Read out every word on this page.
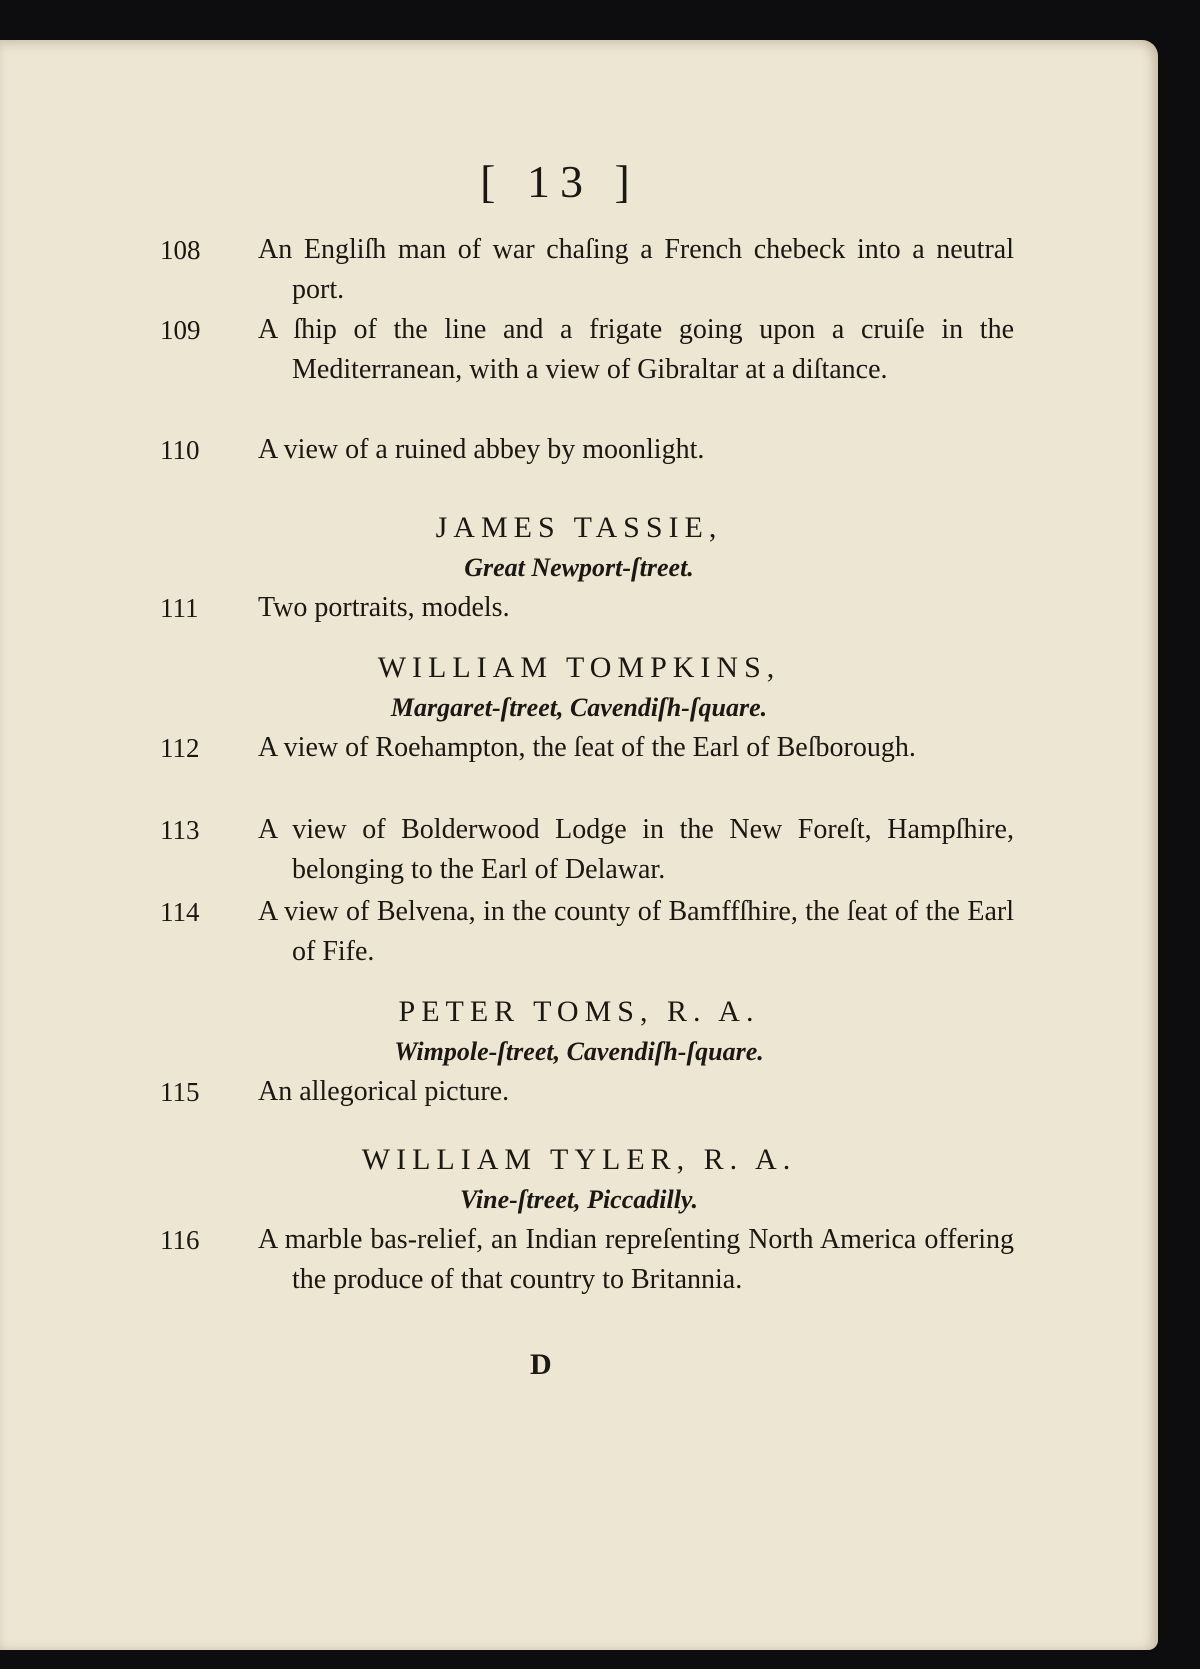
[ 13 ]
108	An Engliſh man of war chaſing a French chebeck into a neutral port.
109	A ſhip of the line and a frigate going upon a cruiſe in the Mediterranean, with a view of Gibraltar at a diſtance.
110	A view of a ruined abbey by moonlight.
JAMES TASSIE,
Great Newport-ſtreet.
111	Two portraits, models.
WILLIAM TOMPKINS,
Margaret-ſtreet, Cavendiſh-ſquare.
112	A view of Roehampton, the ſeat of the Earl of Beſborough.
113	A view of Bolderwood Lodge in the New Foreſt, Hampſhire, belonging to the Earl of Delawar.
114	A view of Belvena, in the county of Bamffſhire, the ſeat of the Earl of Fife.
PETER TOMS, R. A.
Wimpole-ſtreet, Cavendiſh-ſquare.
115	An allegorical picture.
WILLIAM TYLER, R. A.
Vine-ſtreet, Piccadilly.
116	A marble bas-relief, an Indian repreſenting North America offering the produce of that country to Britannia.
D
